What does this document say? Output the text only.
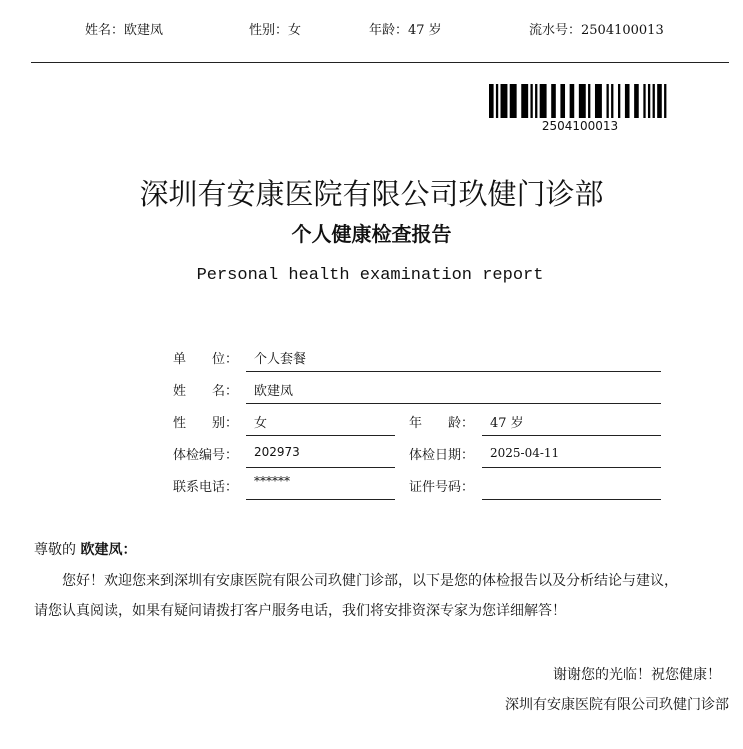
姓名：欧建凤	性别：女	年龄：47 岁	流水号：2504100013
2504100013
深圳有安康医院有限公司玖健门诊部
个人健康检查报告
Personal health examination report
单　　位： 个人套餐
姓　　名： 欧建凤
性　　别： 女	年　　龄： 47 岁
体检编号： 202973	体检日期： 2025-04-11
联系电话： ******	证件号码：
尊敬的 欧建凤：
您好！欢迎您来到深圳有安康医院有限公司玖健门诊部，以下是您的体检报告以及分析结论与建议，
请您认真阅读，如果有疑问请拨打客户服务电话，我们将安排资深专家为您详细解答！
谢谢您的光临！祝您健康！
深圳有安康医院有限公司玖健门诊部
